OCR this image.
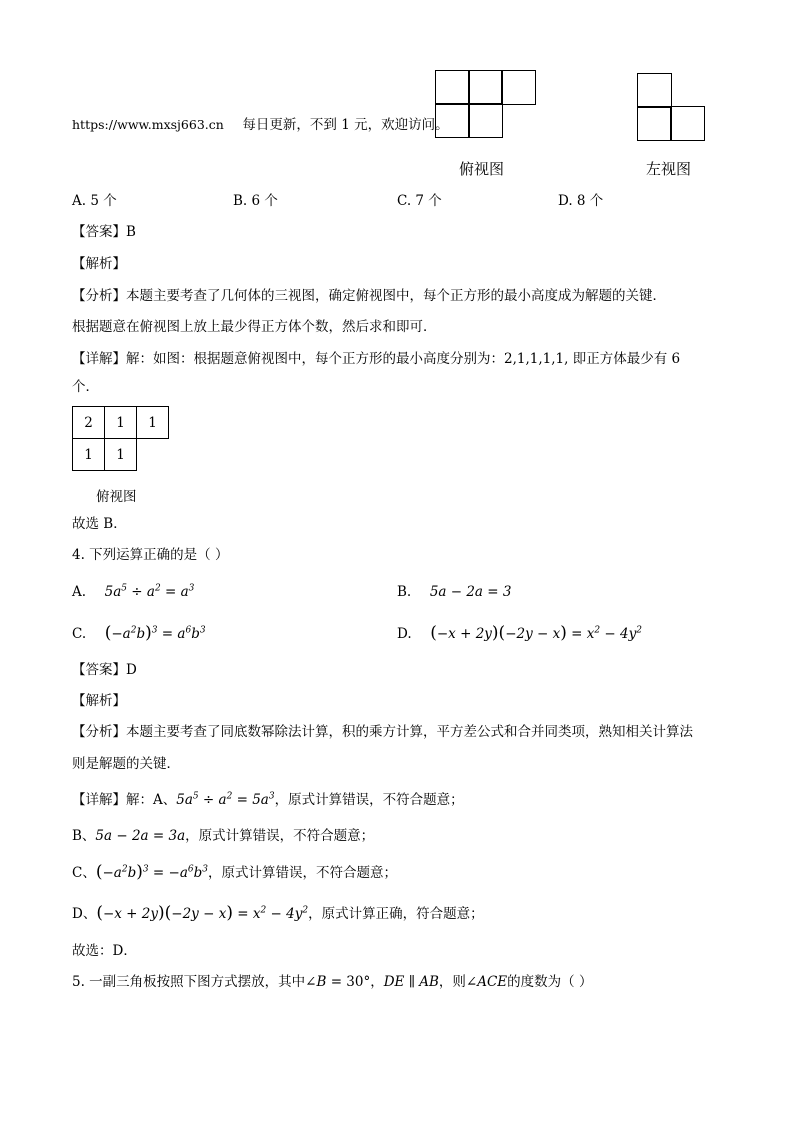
https://www.mxsj663.cn 每日更新，不到 1 元，欢迎访问。
俯视图	左视图
A. 5 个	B. 6 个	C. 7 个	D. 8 个
【答案】B
【解析】
【分析】本题主要考查了几何体的三视图，确定俯视图中，每个正方形的最小高度成为解题的关键．
根据题意在俯视图上放上最少得正方体个数，然后求和即可．
【详解】解：如图：根据题意俯视图中，每个正方形的最小高度分别为：2,1,1,1,1, 即正方体最少有 6
个．
2	1	1
1	1
俯视图
故选 B．
4. 下列运算正确的是（ ）
A. $5a^5 \div a^2 = a^3$	B. 5a − 2a = 3
C. $(-a^2b)^3 = a^6b^3$	D. $(-x + 2y)(-2y - x) = x^2 - 4y^2$
【答案】D
【解析】
【分析】本题主要考查了同底数幂除法计算，积的乘方计算，平方差公式和合并同类项，熟知相关计算法
则是解题的关键．
【详解】解：A、$5a^5 \div a^2 = 5a^3$，原式计算错误，不符合题意；
B、5a − 2a = 3a，原式计算错误，不符合题意；
C、$(-a^2b)^3 = -a^6b^3$，原式计算错误，不符合题意；
D、$(-x + 2y)(-2y - x) = x^2 - 4y^2$，原式计算正确，符合题意；
故选：D．
5. 一副三角板按照下图方式摆放，其中∠B = 30°，DE ∥ AB，则∠ACE的度数为（ ）
